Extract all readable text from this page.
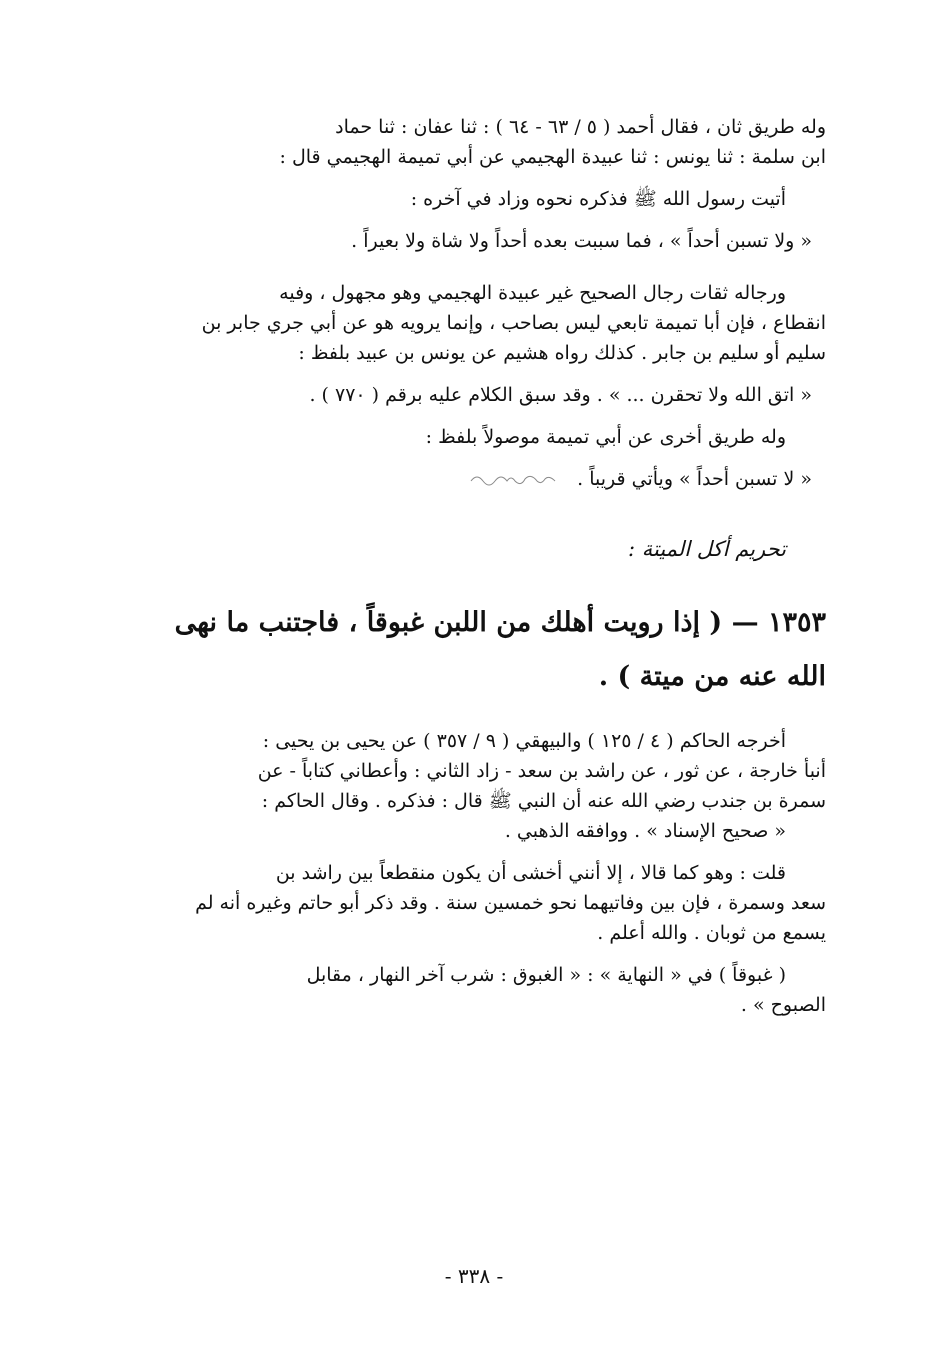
وله طريق ثان ، فقال أحمد ( ٥ / ٦٣ - ٦٤ ) : ثنا عفان : ثنا حماد
ابن سلمة : ثنا يونس : ثنا عبيدة الهجيمي عن أبي تميمة الهجيمي قال :
أتيت رسول الله ﷺ فذكره نحوه وزاد في آخره :
« ولا تسبن أحداً » ، فما سببت بعده أحداً ولا شاة ولا بعيراً .
ورجاله ثقات رجال الصحيح غير عبيدة الهجيمي وهو مجهول ، وفيه
انقطاع ، فإن أبا تميمة تابعي ليس بصاحب ، وإنما يرويه هو عن أبي جري جابر بن
سليم أو سليم بن جابر . كذلك رواه هشيم عن يونس بن عبيد بلفظ :
« اتق الله ولا تحقرن ... » . وقد سبق الكلام عليه برقم ( ٧٧٠ ) .
وله طريق أخرى عن أبي تميمة موصولاً بلفظ :
« لا تسبن أحداً » ويأتي قريباً .
تحريم أكل الميتة :
١٣٥٣ — ( إذا رويت أهلك من اللبن غبوقاً ، فاجتنب ما نهى
الله عنه من ميتة ) .
أخرجه الحاكم ( ٤ / ١٢٥ ) والبيهقي ( ٩ / ٣٥٧ ) عن يحيى بن يحيى :
أنبأ خارجة ، عن ثور ، عن راشد بن سعد - زاد الثاني : وأعطاني كتاباً - عن
سمرة بن جندب رضي الله عنه أن النبي ﷺ قال : فذكره . وقال الحاكم :
« صحيح الإسناد » . ووافقه الذهبي .
قلت : وهو كما قالا ، إلا أنني أخشى أن يكون منقطعاً بين راشد بن
سعد وسمرة ، فإن بين وفاتيهما نحو خمسين سنة . وقد ذكر أبو حاتم وغيره أنه لم
يسمع من ثوبان . والله أعلم .
( غبوقاً ) في « النهاية » : « الغبوق : شرب آخر النهار ، مقابل
الصبوح » .
- ٣٣٨ -
